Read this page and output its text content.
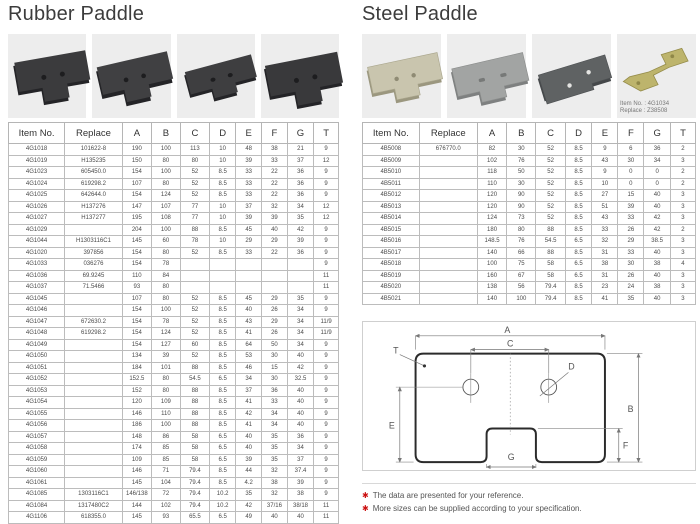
Rubber Paddle
Item No.	Replace	A	B	C	D	E	F	G	T
4G1018	101622-8	190	100	113	10	48	38	21	9
4G1019	H135235	150	80	80	10	39	33	37	12
4G1023	605450.0	154	100	52	8.5	33	22	36	9
4G1024	619298.2	107	80	52	8.5	33	22	36	9
4G1025	642644.0	154	124	52	8.5	33	22	36	9
4G1026	H137276	147	107	77	10	37	32	34	12
4G1027	H137277	195	108	77	10	39	39	35	12
4G1029		204	100	88	8.5	45	40	42	9
4G1044	H1303116C1	145	60	78	10	29	29	39	9
4G1020	397856	154	80	52	8.5	33	22	36	9
4G1033	036276	154	78						9
4G1036	69.9245	110	84						11
4G1037	71.5466	93	80						11
4G1045		107	80	52	8.5	45	29	35	9
4G1046		154	100	52	8.5	40	26	34	9
4G1047	672630.2	154	78	52	8.5	43	29	34	11/9
4G1048	619298.2	154	124	52	8.5	41	26	34	11/9
4G1049		154	127	60	8.5	64	50	34	9
4G1050		134	39	52	8.5	53	30	40	9
4G1051		184	101	88	8.5	46	15	42	9
4G1052		152.5	80	54.5	6.5	34	30	32.5	9
4G1053		152	80	88	8.5	37	36	40	9
4G1054		120	109	88	8.5	41	33	40	9
4G1055		146	110	88	8.5	42	34	40	9
4G1056		186	100	88	8.5	41	34	40	9
4G1057		148	86	58	6.5	40	35	36	9
4G1058		174	85	58	6.5	40	35	34	9
4G1059		109	85	58	6.5	39	35	37	9
4G1060		146	71	79.4	8.5	44	32	37.4	9
4G1061		145	104	79.4	8.5	4.2	38	39	9
4G1085	1303116C1	146/138	72	79.4	10.2	35	32	38	9
4G1084	1317480C2	144	102	79.4	10.2	42	37/16	38/18	11
4G1106	618355.0	145	93	65.5	6.5	49	40	40	11
Steel Paddle
Item No. : 4G1034
Replace : Z38508
Item No.	Replace	A	B	C	D	E	F	G	T
4B5008	676770.0	82	30	52	8.5	9	6	36	2
4B5009		102	76	52	8.5	43	30	34	3
4B5010		118	50	52	8.5	9	0	0	2
4B5011		110	30	52	8.5	10	0	0	2
4B5012		120	90	52	8.5	27	15	40	3
4B5013		120	90	52	8.5	51	39	40	3
4B5014		124	73	52	8.5	43	33	42	3
4B5015		180	80	88	8.5	33	26	42	2
4B5016		148.5	76	54.5	6.5	32	29	38.5	3
4B5017		140	66	88	8.5	31	33	40	3
4B5018		100	75	58	6.5	38	30	38	4
4B5019		160	67	58	6.5	31	26	40	3
4B5020		138	56	79.4	8.5	23	24	38	3
4B5021		140	100	79.4	8.5	41	35	40	3
A
C
T
D
B
E
F
G
✱ The data are presented for your reference.
✱ More sizes can be supplied according to your specification.
